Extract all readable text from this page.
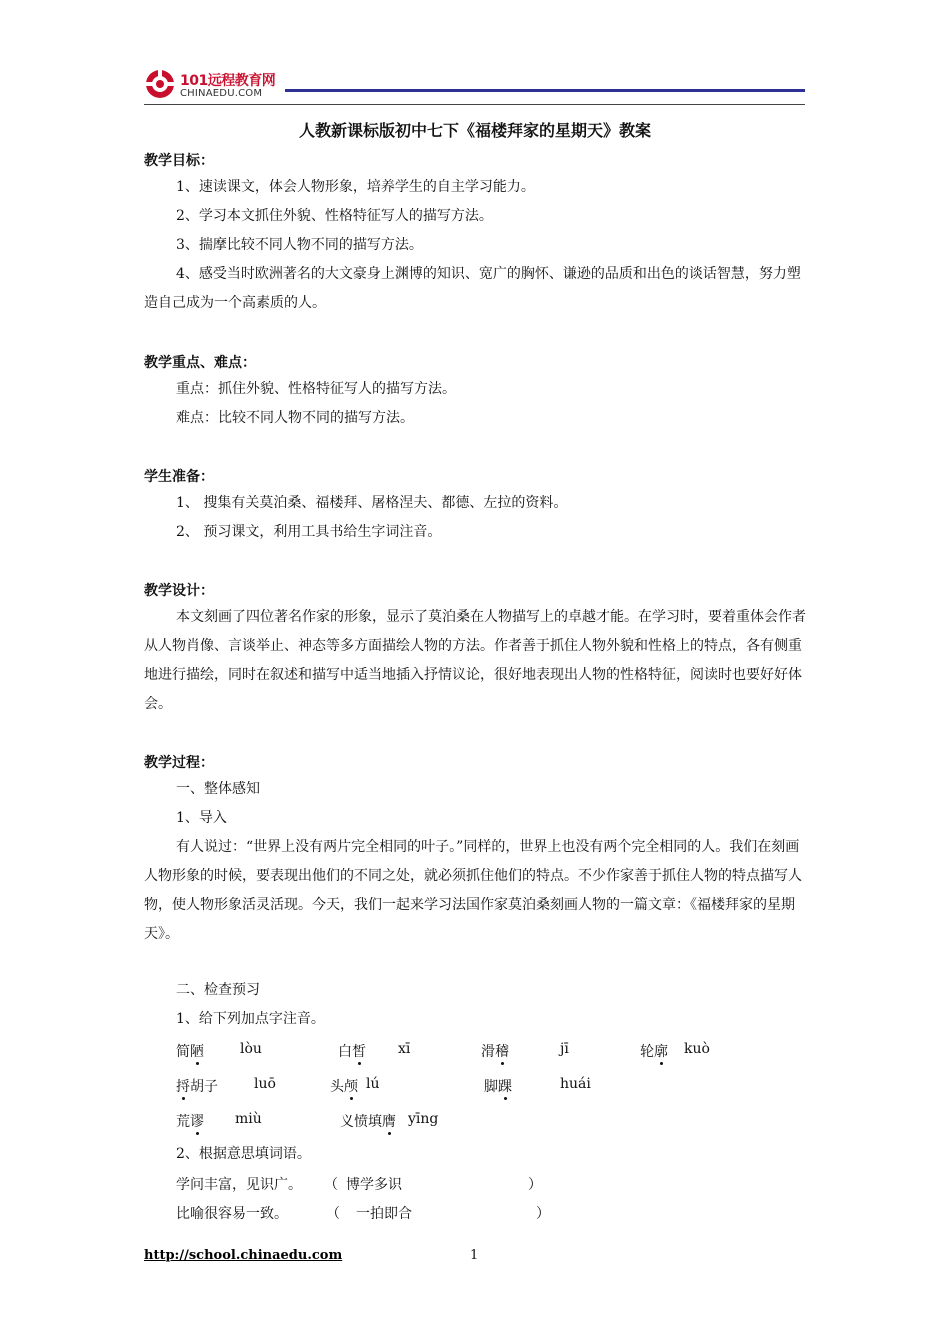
101远程教育网
CHINAEDU.COM
人教新课标版初中七下《福楼拜家的星期天》教案
教学目标：
1、速读课文，体会人物形象，培养学生的自主学习能力。
2、学习本文抓住外貌、性格特征写人的描写方法。
3、揣摩比较不同人物不同的描写方法。
4、感受当时欧洲著名的大文豪身上渊博的知识、宽广的胸怀、谦逊的品质和出色的谈话智慧，努力塑造自己成为一个高素质的人。
教学重点、难点：
重点：抓住外貌、性格特征写人的描写方法。
难点：比较不同人物不同的描写方法。
学生准备：
1、 搜集有关莫泊桑、福楼拜、屠格涅夫、都德、左拉的资料。
2、 预习课文，利用工具书给生字词注音。
教学设计：
本文刻画了四位著名作家的形象，显示了莫泊桑在人物描写上的卓越才能。在学习时，要着重体会作者从人物肖像、言谈举止、神态等多方面描绘人物的方法。作者善于抓住人物外貌和性格上的特点，各有侧重地进行描绘，同时在叙述和描写中适当地插入抒情议论，很好地表现出人物的性格特征，阅读时也要好好体会。
教学过程：
一、整体感知
1、导入
有人说过：“世界上没有两片完全相同的叶子。”同样的，世界上也没有两个完全相同的人。我们在刻画人物形象的时候，要表现出他们的不同之处，就必须抓住他们的特点。不少作家善于抓住人物的特点描写人物，使人物形象活灵活现。今天，我们一起来学习法国作家莫泊桑刻画人物的一篇文章：《福楼拜家的星期天》。
二、检查预习
1、给下列加点字注音。
简陋	lòu	白皙 xī	滑稽	jī	轮廓 kuò
捋胡子	luō	头颅 lú	脚踝	huái
荒谬 miù	义愤填膺 yīng
2、根据意思填词语。
学问丰富，见识广。 （ 博学多识	）
比喻很容易一致。	（ 一拍即合	）
http://school.chinaedu.com	1
